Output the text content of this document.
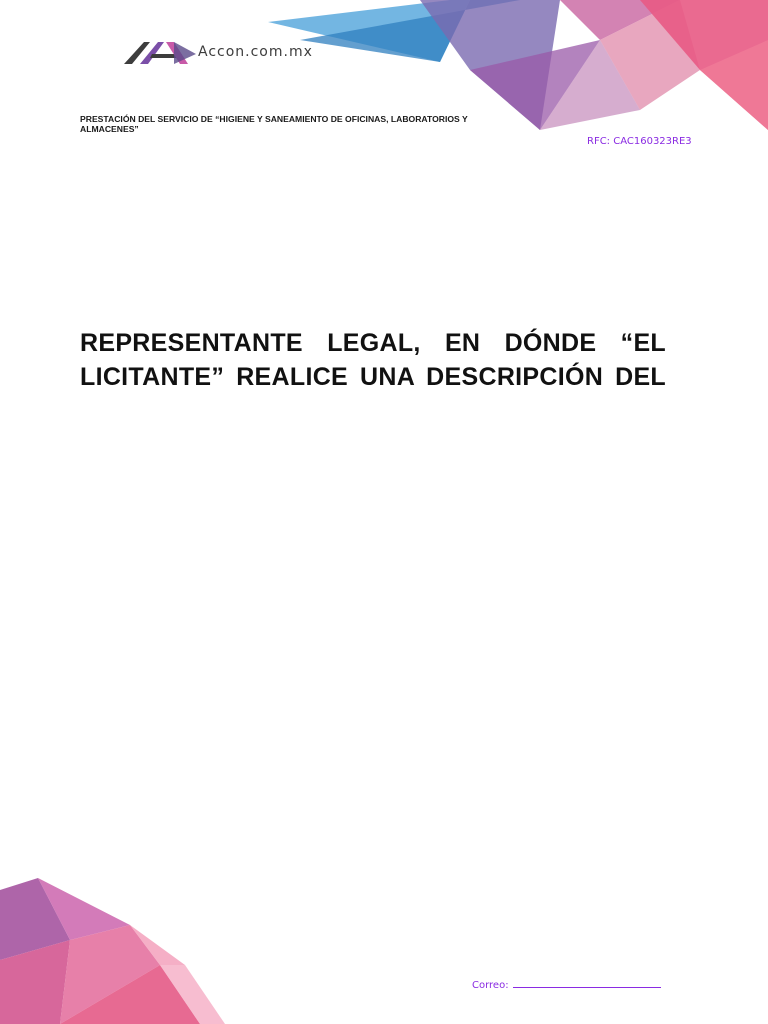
Accon.com.mx
PRESTACIÓN DEL SERVICIO DE “HIGIENE Y SANEAMIENTO DE OFICINAS, LABORATORIOS Y ALMACENES”
RFC: CAC160323RE3
REPRESENTANTE LEGAL, EN DÓNDE “EL
LICITANTE” REALICE UNA DESCRIPCIÓN DEL
Correo:
